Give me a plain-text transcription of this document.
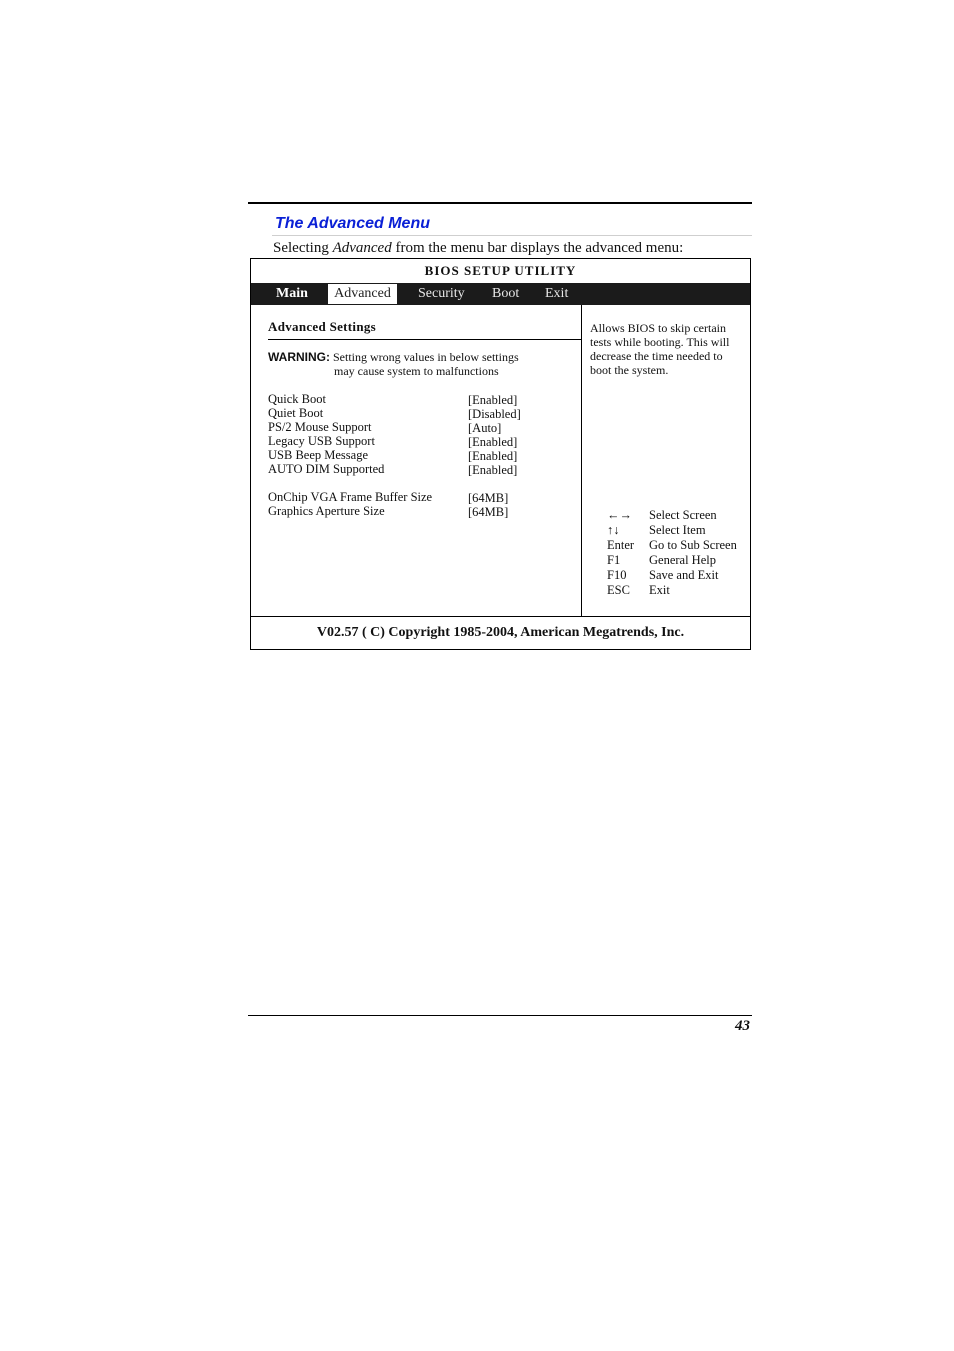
The Advanced Menu
Selecting Advanced from the menu bar displays the advanced menu:
BIOS SETUP UTILITY
Main	Advanced	Security Boot Exit
Advanced Settings
WARNING: Setting wrong values in below settings
may cause system to malfunctions
Quick Boot	[Enabled]
Quiet Boot	[Disabled]
PS/2 Mouse Support	[Auto]
Legacy USB Support	[Enabled]
USB Beep Message	[Enabled]
AUTO DIM Supported	[Enabled]
OnChip VGA Frame Buffer Size	[64MB]
Graphics Aperture Size	[64MB]
Allows BIOS to skip certain tests while booting. This will decrease the time needed to boot the system.
←→ Select Screen
↑↓ Select Item
Enter Go to Sub Screen
F1 General Help
F10 Save and Exit
ESC Exit
V02.57 ( C) Copyright 1985-2004, American Megatrends, Inc.
43
